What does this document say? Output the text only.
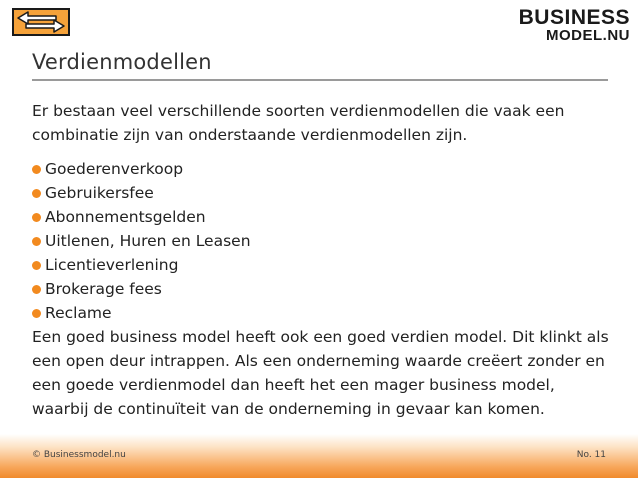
BUSINESS
MODEL.NU
Verdienmodellen

Er bestaan veel verschillende soorten verdienmodellen die vaak een combinatie zijn van onderstaande verdienmodellen zijn.

Goederenverkoop
Gebruikersfee
Abonnementsgelden
Uitlenen, Huren en Leasen
Licentieverlening
Brokerage fees
Reclame

Een goed business model heeft ook een goed verdien model. Dit klinkt als een open deur intrappen. Als een onderneming waarde creëert zonder en een goede verdienmodel dan heeft het een mager business model, waarbij de continuïteit van de onderneming in gevaar kan komen.

© Businessmodel.nu	No. 11
